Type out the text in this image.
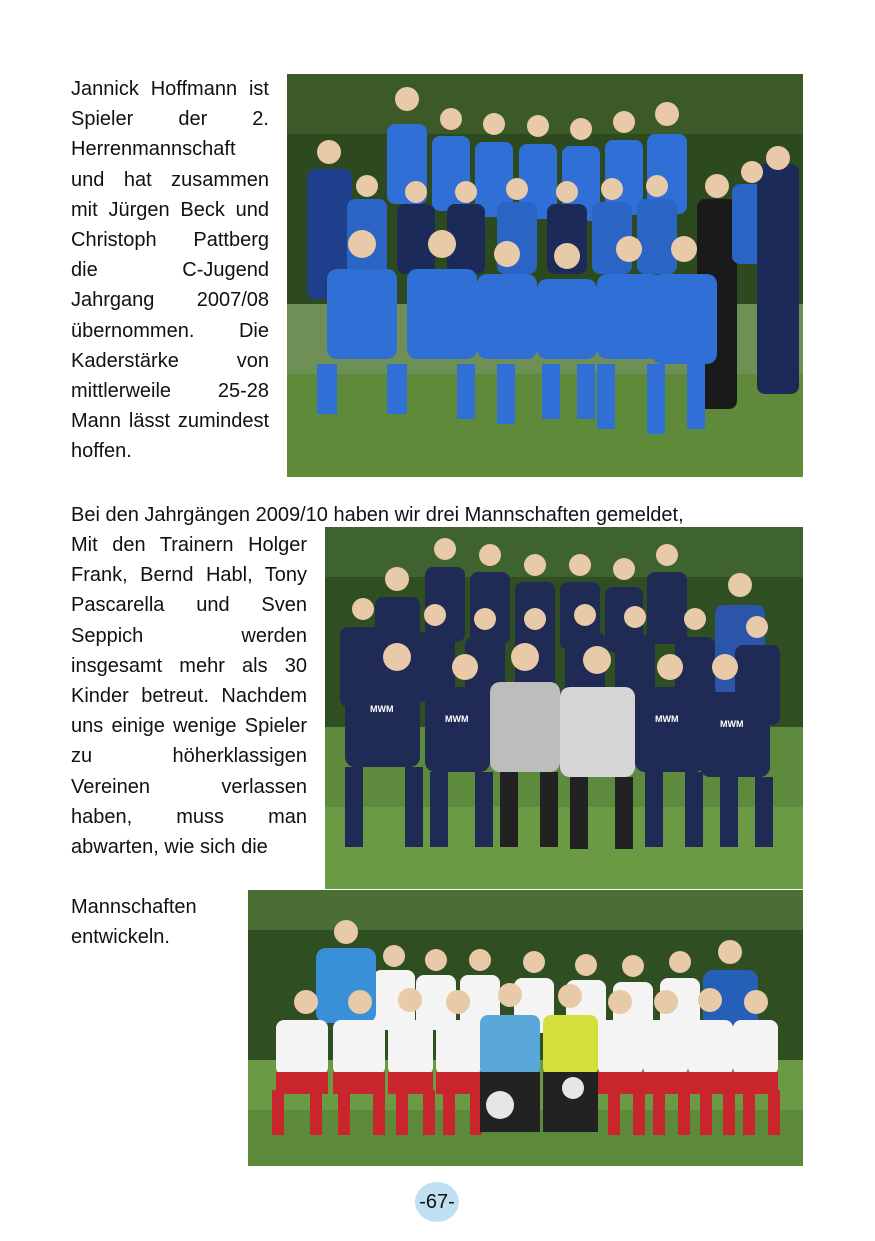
Jannick Hoffmann ist Spieler der 2. Herrenmannschaft und hat zusammen mit Jürgen Beck und Christoph Pattberg die C-Jugend Jahrgang 2007/08 übernommen. Die Kaderstärke von mittlerweile 25-28 Mann lässt zumindest hoffen.

Bei den Jahrgängen 2009/10 haben wir drei Mannschaften gemeldet,

Mit den Trainern Holger Frank, Bernd Habl, Tony Pascarella und Sven Seppich werden insgesamt mehr als 30 Kinder betreut. Nachdem uns einige wenige Spieler zu höherklassigen Vereinen verlassen haben, muss man abwarten, wie sich die

MWM
MWM	MWM	MWM

Mannschaften entwickeln.

-67-
